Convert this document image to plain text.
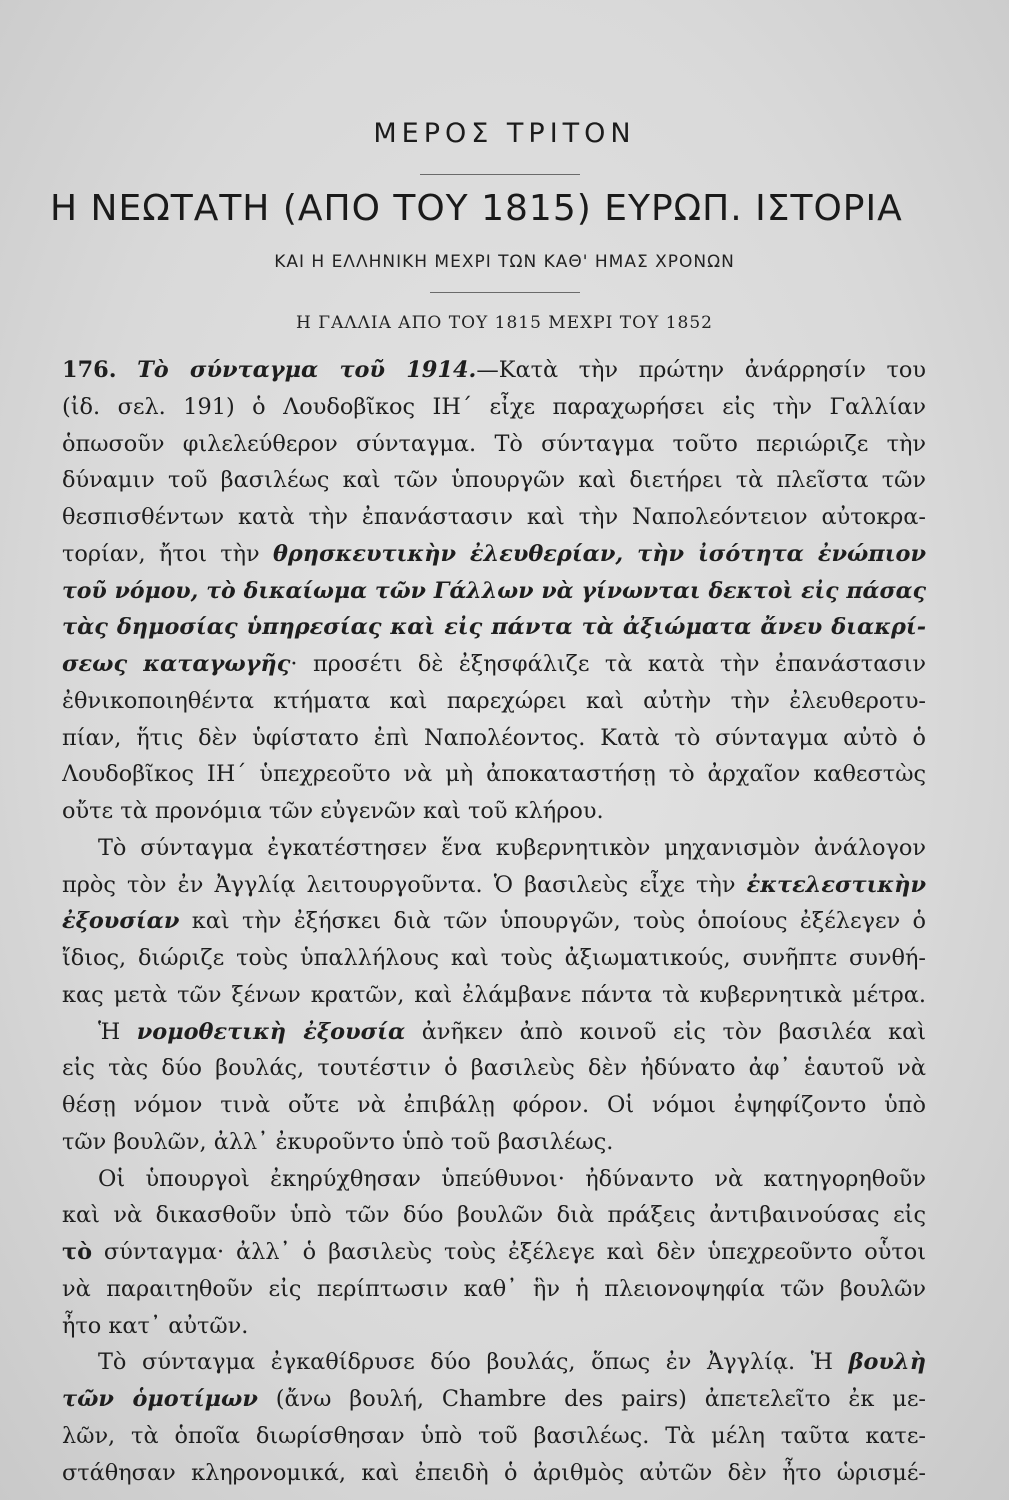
ΜΕΡΟΣ ΤΡΙΤΟΝ
Η ΝΕΩΤΑΤΗ (ΑΠΟ ΤΟΥ 1815) ΕΥΡΩΠ. ΙΣΤΟΡΙΑ
ΚΑΙ Η ΕΛΛΗΝΙΚΗ ΜΕΧΡΙ ΤΩΝ ΚΑΘ' ΗΜΑΣ ΧΡΟΝΩΝ
Η ΓΑΛΛΙΑ ΑΠΟ ΤΟΥ 1815 ΜΕΧΡΙ ΤΟΥ 1852
176. Τὸ σύνταγμα τοῦ 1914.—Κατὰ τὴν πρώτην ἀνάρρησίν του
(ἰδ. σελ. 191) ὁ Λουδοβῖκος ΙΗ΄ εἶχε παραχωρήσει εἰς τὴν Γαλλίαν
ὁπωσοῦν φιλελεύθερον σύνταγμα. Τὸ σύνταγμα τοῦτο περιώριζε τὴν
δύναμιν τοῦ βασιλέως καὶ τῶν ὑπουργῶν καὶ διετήρει τὰ πλεῖστα τῶν
θεσπισθέντων κατὰ τὴν ἐπανάστασιν καὶ τὴν Ναπολεόντειον αὐτοκρα-
τορίαν, ἤτοι τὴν θρησκευτικὴν ἐλευθερίαν, τὴν ἰσότητα ἐνώπιον
τοῦ νόμου, τὸ δικαίωμα τῶν Γάλλων νὰ γίνωνται δεκτοὶ εἰς πάσας
τὰς δημοσίας ὑπηρεσίας καὶ εἰς πάντα τὰ ἀξιώματα ἄνευ διακρί-
σεως καταγωγῆς· προσέτι δὲ ἐξησφάλιζε τὰ κατὰ τὴν ἐπανάστασιν
ἐθνικοποιηθέντα κτήματα καὶ παρεχώρει καὶ αὐτὴν τὴν ἐλευθεροτυ-
πίαν, ἥτις δὲν ὑφίστατο ἐπὶ Ναπολέοντος. Κατὰ τὸ σύνταγμα αὐτὸ ὁ
Λουδοβῖκος ΙΗ΄ ὑπεχρεοῦτο νὰ μὴ ἀποκαταστήσῃ τὸ ἀρχαῖον καθεστὼς
οὔτε τὰ προνόμια τῶν εὐγενῶν καὶ τοῦ κλήρου.
Τὸ σύνταγμα ἐγκατέστησεν ἕνα κυβερνητικὸν μηχανισμὸν ἀνάλογον
πρὸς τὸν ἐν Ἀγγλίᾳ λειτουργοῦντα. Ὁ βασιλεὺς εἶχε τὴν ἐκτελεστικὴν
ἐξουσίαν καὶ τὴν ἐξήσκει διὰ τῶν ὑπουργῶν, τοὺς ὁποίους ἐξέλεγεν ὁ
ἴδιος, διώριζε τοὺς ὑπαλλήλους καὶ τοὺς ἀξιωματικούς, συνῆπτε συνθή-
κας μετὰ τῶν ξένων κρατῶν, καὶ ἐλάμβανε πάντα τὰ κυβερνητικὰ μέτρα.
Ἡ νομοθετικὴ ἐξουσία ἀνῆκεν ἀπὸ κοινοῦ εἰς τὸν βασιλέα καὶ
εἰς τὰς δύο βουλάς, τουτέστιν ὁ βασιλεὺς δὲν ἠδύνατο ἀφ᾽ ἑαυτοῦ νὰ
θέσῃ νόμον τινὰ οὔτε νὰ ἐπιβάλῃ φόρον. Οἱ νόμοι ἐψηφίζοντο ὑπὸ
τῶν βουλῶν, ἀλλ᾽ ἐκυροῦντο ὑπὸ τοῦ βασιλέως.
Οἱ ὑπουργοὶ ἐκηρύχθησαν ὑπεύθυνοι· ἠδύναντο νὰ κατηγορηθοῦν
καὶ νὰ δικασθοῦν ὑπὸ τῶν δύο βουλῶν διὰ πράξεις ἀντιβαινούσας εἰς
τὸ σύνταγμα· ἀλλ᾽ ὁ βασιλεὺς τοὺς ἐξέλεγε καὶ δὲν ὑπεχρεοῦντο οὗτοι
νὰ παραιτηθοῦν εἰς περίπτωσιν καθ᾽ ἣν ἡ πλειονοψηφία τῶν βουλῶν
ἦτο κατ᾽ αὐτῶν.
Τὸ σύνταγμα ἐγκαθίδρυσε δύο βουλάς, ὅπως ἐν Ἀγγλίᾳ. Ἡ βουλὴ
τῶν ὁμοτίμων (ἄνω βουλή, Chambre des pairs) ἀπετελεῖτο ἐκ με-
λῶν, τὰ ὁποῖα διωρίσθησαν ὑπὸ τοῦ βασιλέως. Τὰ μέλη ταῦτα κατε-
στάθησαν κληρονομικά, καὶ ἐπειδὴ ὁ ἀριθμὸς αὐτῶν δὲν ἦτο ὡρισμέ-
